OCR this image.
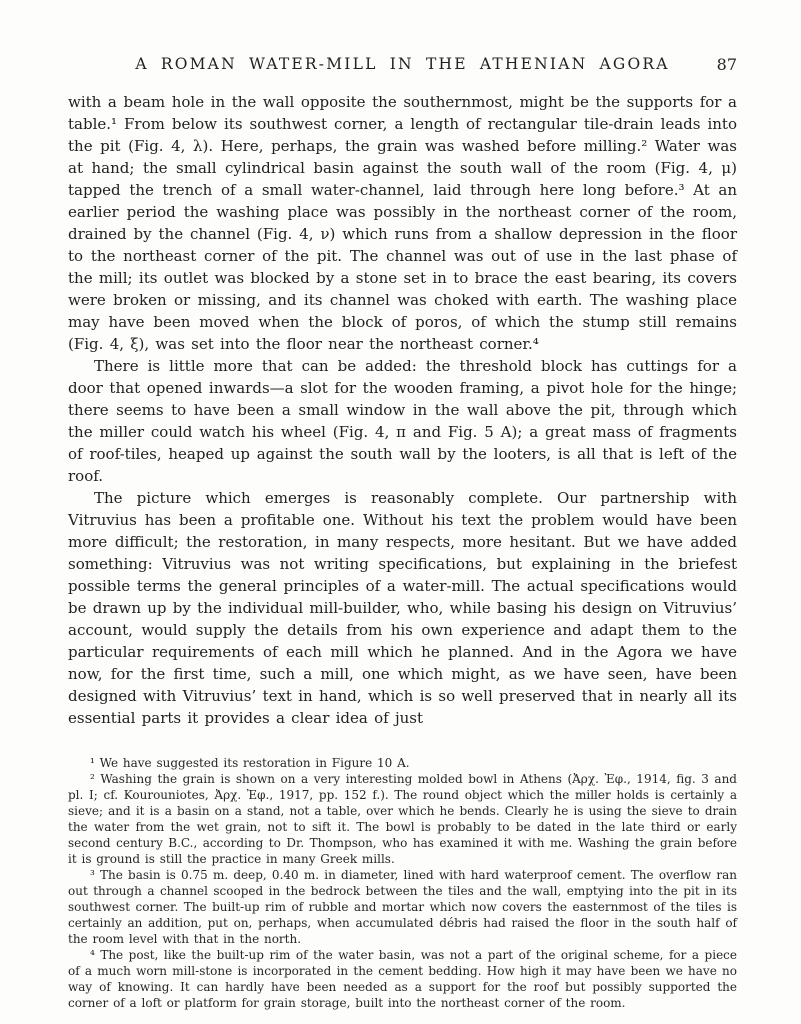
A ROMAN WATER-MILL IN THE ATHENIAN AGORA	87

with a beam hole in the wall opposite the southernmost, might be the supports for a table.¹ From below its southwest corner, a length of rectangular tile-drain leads into the pit (Fig. 4, λ). Here, perhaps, the grain was washed before milling.² Water was at hand; the small cylindrical basin against the south wall of the room (Fig. 4, μ) tapped the trench of a small water-channel, laid through here long before.³ At an earlier period the washing place was possibly in the northeast corner of the room, drained by the channel (Fig. 4, ν) which runs from a shallow depression in the floor to the northeast corner of the pit. The channel was out of use in the last phase of the mill; its outlet was blocked by a stone set in to brace the east bearing, its covers were broken or missing, and its channel was choked with earth. The washing place may have been moved when the block of poros, of which the stump still remains (Fig. 4, ξ), was set into the floor near the northeast corner.⁴

There is little more that can be added: the threshold block has cuttings for a door that opened inwards—a slot for the wooden framing, a pivot hole for the hinge; there seems to have been a small window in the wall above the pit, through which the miller could watch his wheel (Fig. 4, π and Fig. 5 A); a great mass of fragments of roof-tiles, heaped up against the south wall by the looters, is all that is left of the roof.

The picture which emerges is reasonably complete. Our partnership with Vitruvius has been a profitable one. Without his text the problem would have been more difficult; the restoration, in many respects, more hesitant. But we have added something: Vitruvius was not writing specifications, but explaining in the briefest possible terms the general principles of a water-mill. The actual specifications would be drawn up by the individual mill-builder, who, while basing his design on Vitruvius’ account, would supply the details from his own experience and adapt them to the particular requirements of each mill which he planned. And in the Agora we have now, for the first time, such a mill, one which might, as we have seen, have been designed with Vitruvius’ text in hand, which is so well preserved that in nearly all its essential parts it provides a clear idea of just

¹ We have suggested its restoration in Figure 10 A.

² Washing the grain is shown on a very interesting molded bowl in Athens (Ἀρχ. Ἐφ., 1914, fig. 3 and pl. I; cf. Kourouniotes, Ἀρχ. Ἐφ., 1917, pp. 152 f.). The round object which the miller holds is certainly a sieve; and it is a basin on a stand, not a table, over which he bends. Clearly he is using the sieve to drain the water from the wet grain, not to sift it. The bowl is probably to be dated in the late third or early second century B.C., according to Dr. Thompson, who has examined it with me. Washing the grain before it is ground is still the practice in many Greek mills.

³ The basin is 0.75 m. deep, 0.40 m. in diameter, lined with hard waterproof cement. The overflow ran out through a channel scooped in the bedrock between the tiles and the wall, emptying into the pit in its southwest corner. The built-up rim of rubble and mortar which now covers the easternmost of the tiles is certainly an addition, put on, perhaps, when accumulated débris had raised the floor in the south half of the room level with that in the north.

⁴ The post, like the built-up rim of the water basin, was not a part of the original scheme, for a piece of a much worn mill-stone is incorporated in the cement bedding. How high it may have been we have no way of knowing. It can hardly have been needed as a support for the roof but possibly supported the corner of a loft or platform for grain storage, built into the northeast corner of the room.
